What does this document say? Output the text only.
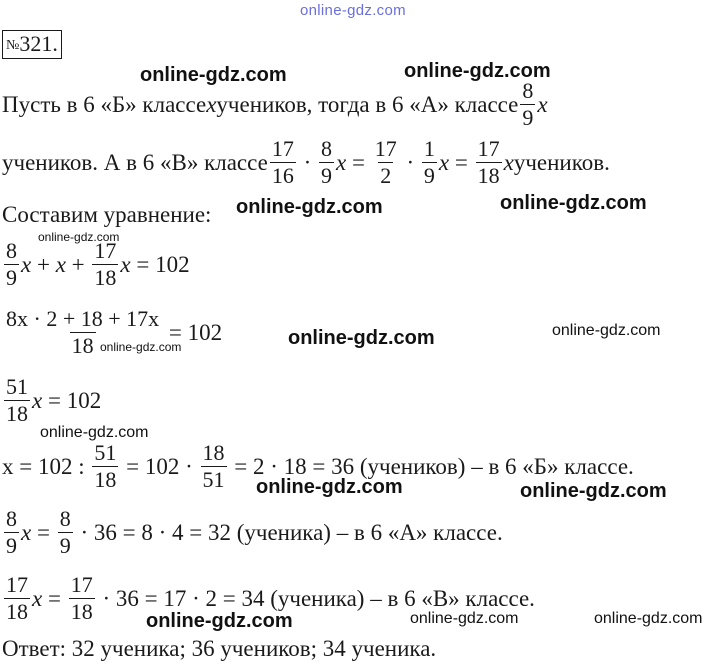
online-gdz.com
№321.
Пусть в 6 «Б» классе x учеников, тогда в 6 «А» классе $\frac{8}{9}$ x
учеников. А в 6 «В» классе $\frac{17}{16} \cdot \frac{8}{9}$ $x = \frac{17}{2} \cdot \frac{1}{9}$ $x = \frac{17}{18}$ x учеников.
Составим уравнение:
$\frac{8}{9}$ $x + x + \frac{17}{18}$ x
= 102
$\frac{8x \cdot 2 + 18 + 17x}{18}$
= 102
$\frac{51}{18}$ x
= 102
x = 102 :
$\frac{51}{18}$
= 102 ·
$\frac{18}{51}$
= 2 · 18 = 36 (учеников) – в 6 «Б» классе.
$\frac{8}{9}$ $x = \frac{8}{9}$
· 36 = 8 · 4 = 32 (ученика) – в 6 «А» классе.
$\frac{17}{18}$ $x = \frac{17}{18}$
· 36 = 17 · 2 = 34 (ученика) – в 6 «В» классе.
Ответ: 32 ученика; 36 учеников; 34 ученика.
online-gdz.com	online-gdz.com
online-gdz.com	online-gdz.com
online-gdz.com
online-gdz.com	online-gdz.com
online-gdz.com
online-gdz.com
online-gdz.com	online-gdz.com
online-gdz.com	online-gdz.com	online-gdz.com
